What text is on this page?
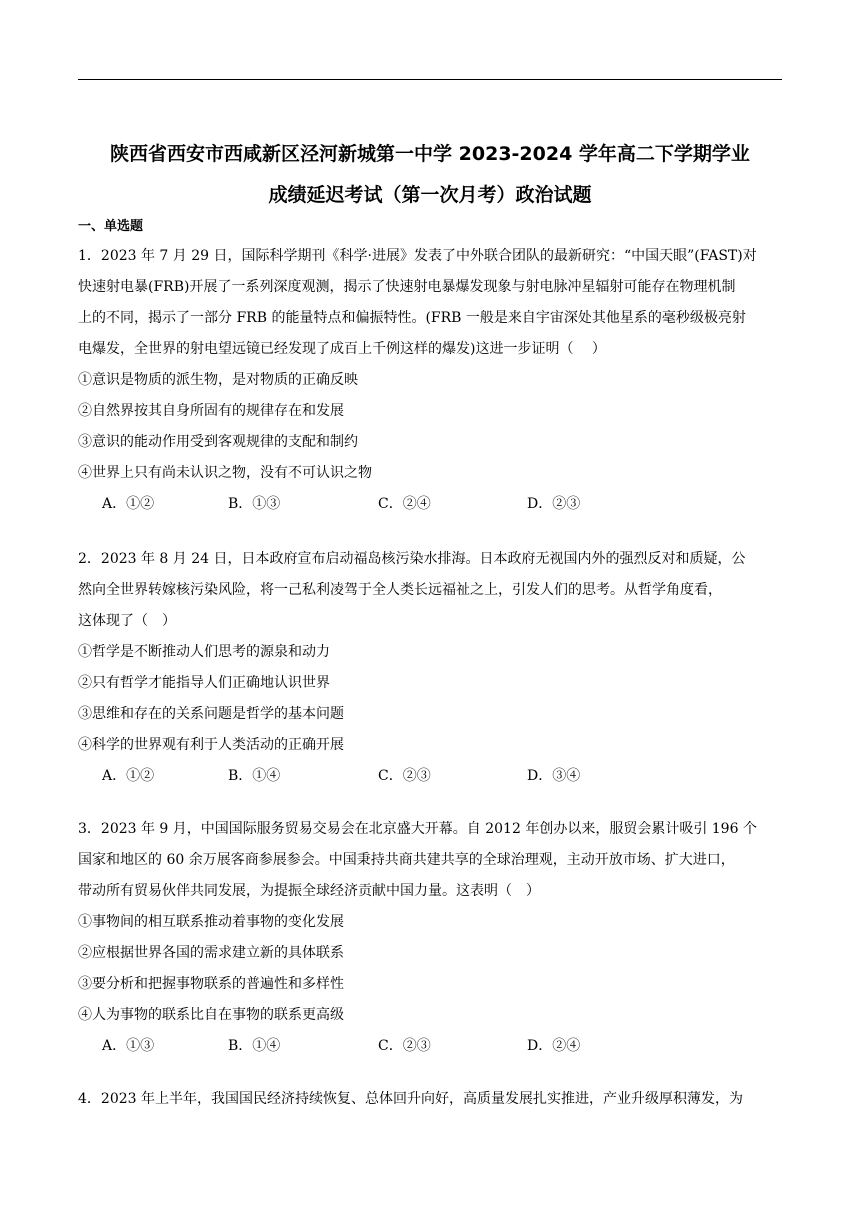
陕西省西安市西咸新区泾河新城第一中学 2023-2024 学年高二下学期学业
成绩延迟考试（第一次月考）政治试题
一、单选题

1．2023 年 7 月 29 日，国际科学期刊《科学·进展》发表了中外联合团队的最新研究：“中国天眼”(FAST)对

快速射电暴(FRB)开展了一系列深度观测，揭示了快速射电暴爆发现象与射电脉冲星辐射可能存在物理机制

上的不同，揭示了一部分 FRB 的能量特点和偏振特性。(FRB 一般是来自宇宙深处其他星系的毫秒级极亮射

电爆发，全世界的射电望远镜已经发现了成百上千例这样的爆发)这进一步证明（　 ）

①意识是物质的派生物，是对物质的正确反映

②自然界按其自身所固有的规律存在和发展

③意识的能动作用受到客观规律的支配和制约

④世界上只有尚未认识之物，没有不可认识之物

A．①②	B．①③	C．②④	D．②③

2．2023 年 8 月 24 日，日本政府宣布启动福岛核污染水排海。日本政府无视国内外的强烈反对和质疑，公

然向全世界转嫁核污染风险，将一己私利凌驾于全人类长远福祉之上，引发人们的思考。从哲学角度看，

这体现了（　）

①哲学是不断推动人们思考的源泉和动力

②只有哲学才能指导人们正确地认识世界

③思维和存在的关系问题是哲学的基本问题

④科学的世界观有利于人类活动的正确开展

A．①②	B．①④	C．②③	D．③④

3．2023 年 9 月，中国国际服务贸易交易会在北京盛大开幕。自 2012 年创办以来，服贸会累计吸引 196 个

国家和地区的 60 余万展客商参展参会。中国秉持共商共建共享的全球治理观，主动开放市场、扩大进口，

带动所有贸易伙伴共同发展，为提振全球经济贡献中国力量。这表明（　）

①事物间的相互联系推动着事物的变化发展

②应根据世界各国的需求建立新的具体联系

③要分析和把握事物联系的普遍性和多样性

④人为事物的联系比自在事物的联系更高级

A．①③	B．①④	C．②③	D．②④

4．2023 年上半年，我国国民经济持续恢复、总体回升向好，高质量发展扎实推进，产业升级厚积薄发，为
